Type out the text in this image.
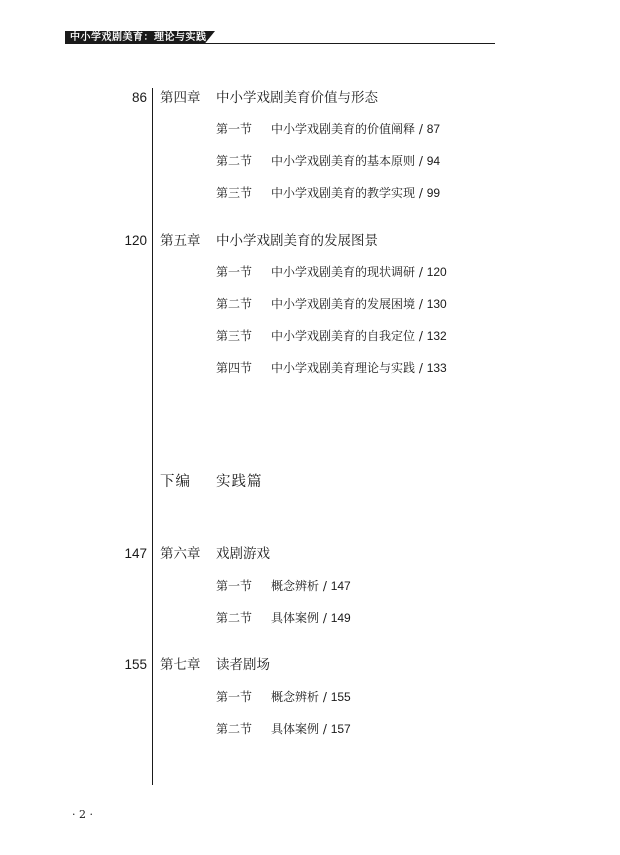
中小学戏剧美育：理论与实践
86 第四章 中小学戏剧美育价值与形态
第一节 中小学戏剧美育的价值阐释 / 87
第二节 中小学戏剧美育的基本原则 / 94
第三节 中小学戏剧美育的教学实现 / 99
120 第五章 中小学戏剧美育的发展图景
第一节 中小学戏剧美育的现状调研 / 120
第二节 中小学戏剧美育的发展困境 / 130
第三节 中小学戏剧美育的自我定位 / 132
第四节 中小学戏剧美育理论与实践 / 133
下编 实践篇
147 第六章 戏剧游戏
第一节 概念辨析 / 147
第二节 具体案例 / 149
155 第七章 读者剧场
第一节 概念辨析 / 155
第二节 具体案例 / 157
· 2 ·
